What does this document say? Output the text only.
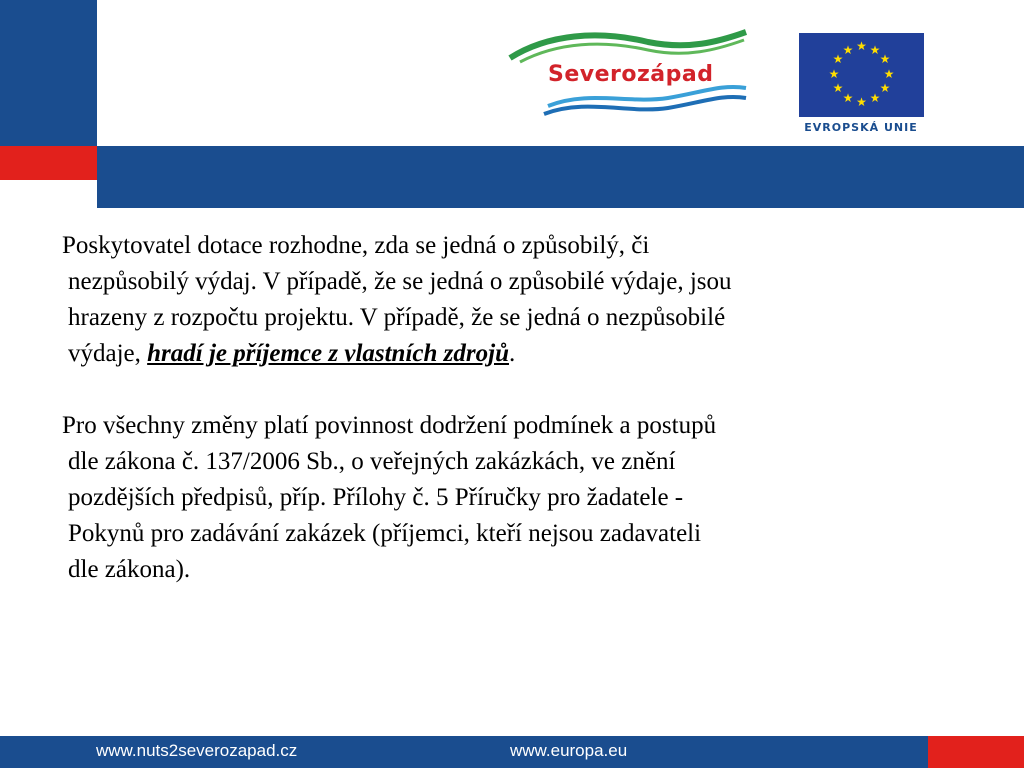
Severozápad
★ ★
★
★
★
★
★
★
★
★
★
★
EVROPSKÁ UNIE

Poskytovatel dotace rozhodne, zda se jedná o způsobilý, či
nezpůsobilý výdaj. V případě, že se jedná o způsobilé výdaje, jsou
hrazeny z rozpočtu projektu. V případě, že se jedná o nezpůsobilé
výdaje, hradí je příjemce z vlastních zdrojů.

Pro všechny změny platí povinnost dodržení podmínek a postupů
dle zákona č. 137/2006 Sb., o veřejných zakázkách, ve znění
pozdějších předpisů, příp. Přílohy č. 5 Příručky pro žadatele -
Pokynů pro zadávání zakázek (příjemci, kteří nejsou zadavateli
dle zákona).

www.nuts2severozapad.cz	www.europa.eu
